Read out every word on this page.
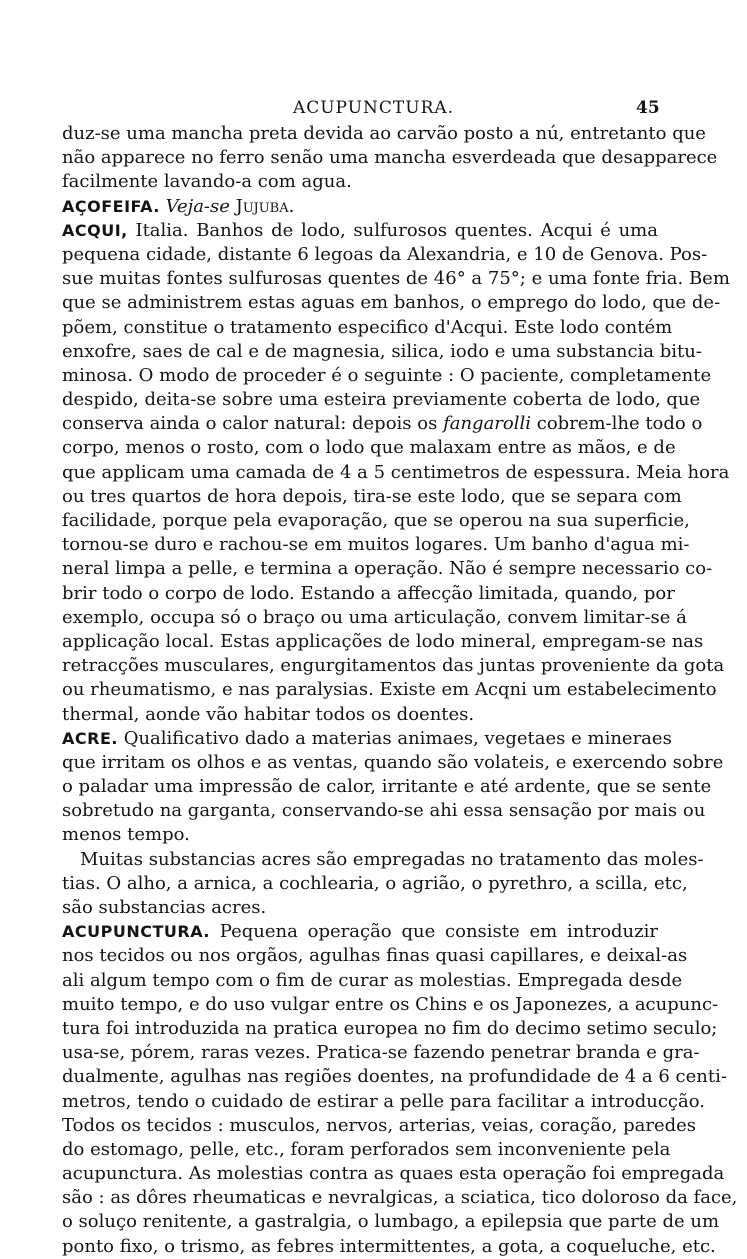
ACUPUNCTURA.	45
duz-se uma mancha preta devida ao carvão posto a nú, entretanto que
não apparece no ferro senão uma mancha esverdeada que desapparece
facilmente lavando-a com agua.
AÇOFEIFA. Veja-se Jujuba.
ACQUI, Italia. Banhos de lodo, sulfurosos quentes. Acqui é uma
pequena cidade, distante 6 legoas da Alexandria, e 10 de Genova. Pos-
sue muitas fontes sulfurosas quentes de 46° a 75°; e uma fonte fria. Bem
que se administrem estas aguas em banhos, o emprego do lodo, que de-
põem, constitue o tratamento especifico d'Acqui. Este lodo contém
enxofre, saes de cal e de magnesia, silica, iodo e uma substancia bitu-
minosa. O modo de proceder é o seguinte : O paciente, completamente
despido, deita-se sobre uma esteira previamente coberta de lodo, que
conserva ainda o calor natural: depois os fangarolli cobrem-lhe todo o
corpo, menos o rosto, com o lodo que malaxam entre as mãos, e de
que applicam uma camada de 4 a 5 centimetros de espessura. Meia hora
ou tres quartos de hora depois, tira-se este lodo, que se separa com
facilidade, porque pela evaporação, que se operou na sua superficie,
tornou-se duro e rachou-se em muitos logares. Um banho d'agua mi-
neral limpa a pelle, e termina a operação. Não é sempre necessario co-
brir todo o corpo de lodo. Estando a affecção limitada, quando, por
exemplo, occupa só o braço ou uma articulação, convem limitar-se á
applicação local. Estas applicações de lodo mineral, empregam-se nas
retracções musculares, engurgitamentos das juntas proveniente da gota
ou rheumatismo, e nas paralysias. Existe em Acqni um estabelecimento
thermal, aonde vão habitar todos os doentes.
ACRE. Qualificativo dado a materias animaes, vegetaes e mineraes
que irritam os olhos e as ventas, quando são volateis, e exercendo sobre
o paladar uma impressão de calor, irritante e até ardente, que se sente
sobretudo na garganta, conservando-se ahi essa sensação por mais ou
menos tempo.
Muitas substancias acres são empregadas no tratamento das moles-
tias. O alho, a arnica, a cochlearia, o agrião, o pyrethro, a scilla, etc,
são substancias acres.
ACUPUNCTURA. Pequena operação que consiste em introduzir
nos tecidos ou nos orgãos, agulhas finas quasi capillares, e deixal-as
ali algum tempo com o fim de curar as molestias. Empregada desde
muito tempo, e do uso vulgar entre os Chins e os Japonezes, a acupunc-
tura foi introduzida na pratica europea no fim do decimo setimo seculo;
usa-se, pórem, raras vezes. Pratica-se fazendo penetrar branda e gra-
dualmente, agulhas nas regiões doentes, na profundidade de 4 a 6 centi-
metros, tendo o cuidado de estirar a pelle para facilitar a introducção.
Todos os tecidos : musculos, nervos, arterias, veias, coração, paredes
do estomago, pelle, etc., foram perforados sem inconveniente pela
acupunctura. As molestias contra as quaes esta operação foi empregada
são : as dôres rheumaticas e nevralgicas, a sciatica, tico doloroso da face,
o soluço renitente, a gastralgia, o lumbago, a epilepsia que parte de um
ponto fixo, o trismo, as febres intermittentes, a gota, a coqueluche, etc.
